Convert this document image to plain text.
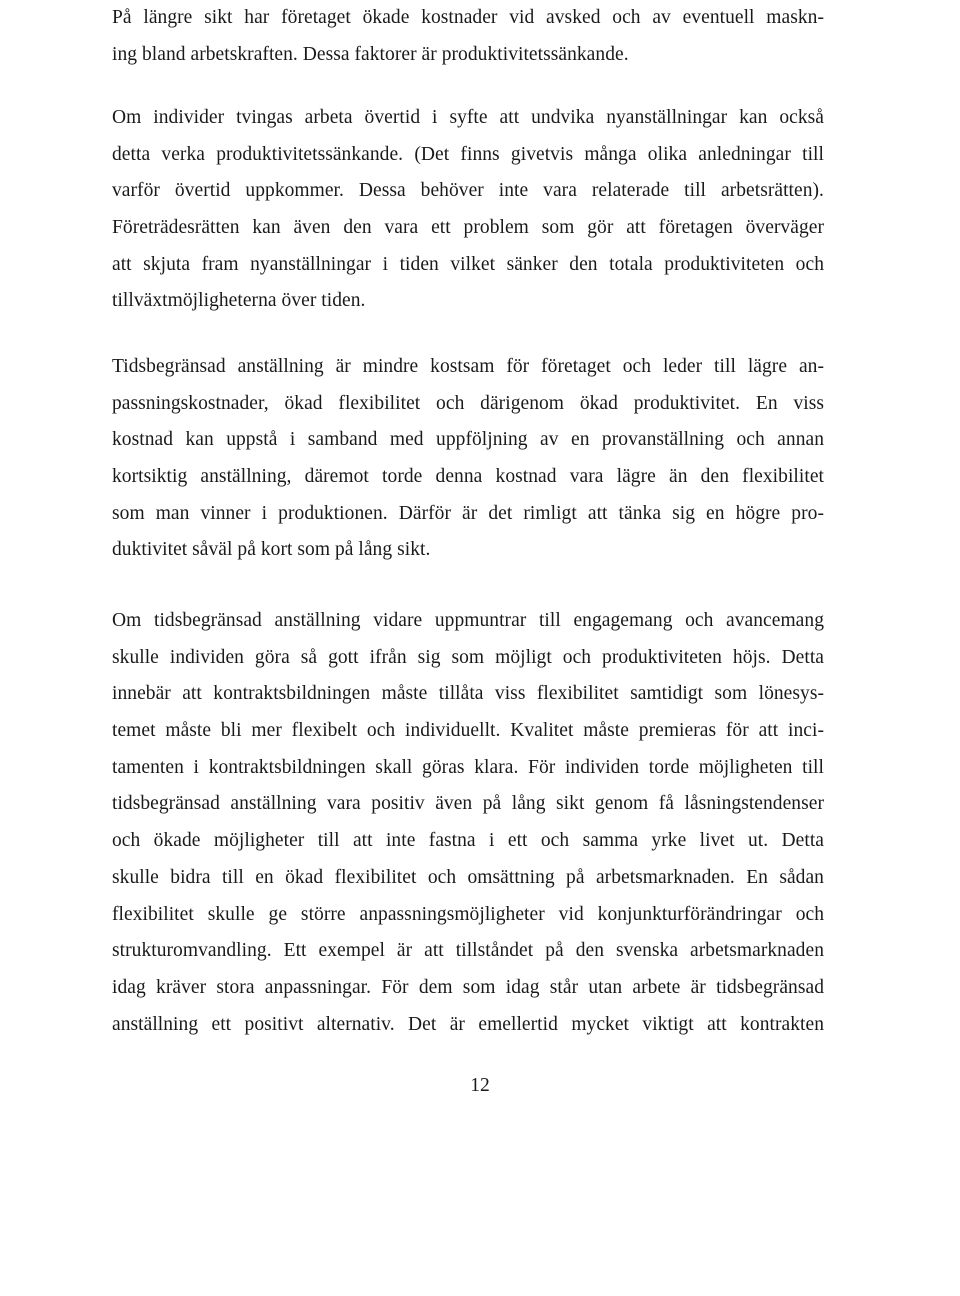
På längre sikt har företaget ökade kostnader vid avsked och av eventuell maskn-
ing bland arbetskraften. Dessa faktorer är produktivitetssänkande.
Om individer tvingas arbeta övertid i syfte att undvika nyanställningar kan också
detta verka produktivitetssänkande. (Det finns givetvis många olika anledningar till
varför övertid uppkommer. Dessa behöver inte vara relaterade till arbetsrätten).
Företrädesrätten kan även den vara ett problem som gör att företagen överväger
att skjuta fram nyanställningar i tiden vilket sänker den totala produktiviteten och
tillväxtmöjligheterna över tiden.
Tidsbegränsad anställning är mindre kostsam för företaget och leder till lägre an-
passningskostnader, ökad flexibilitet och därigenom ökad produktivitet. En viss
kostnad kan uppstå i samband med uppföljning av en provanställning och annan
kortsiktig anställning, däremot torde denna kostnad vara lägre än den flexibilitet
som man vinner i produktionen. Därför är det rimligt att tänka sig en högre pro-
duktivitet såväl på kort som på lång sikt.
Om tidsbegränsad anställning vidare uppmuntrar till engagemang och avancemang
skulle individen göra så gott ifrån sig som möjligt och produktiviteten höjs. Detta
innebär att kontraktsbildningen måste tillåta viss flexibilitet samtidigt som lönesys-
temet måste bli mer flexibelt och individuellt. Kvalitet måste premieras för att inci-
tamenten i kontraktsbildningen skall göras klara. För individen torde möjligheten till
tidsbegränsad anställning vara positiv även på lång sikt genom få låsningstendenser
och ökade möjligheter till att inte fastna i ett och samma yrke livet ut. Detta
skulle bidra till en ökad flexibilitet och omsättning på arbetsmarknaden. En sådan
flexibilitet skulle ge större anpassningsmöjligheter vid konjunkturförändringar och
strukturomvandling. Ett exempel är att tillståndet på den svenska arbetsmarknaden
idag kräver stora anpassningar. För dem som idag står utan arbete är tidsbegränsad
anställning ett positivt alternativ. Det är emellertid mycket viktigt att kontrakten
12
